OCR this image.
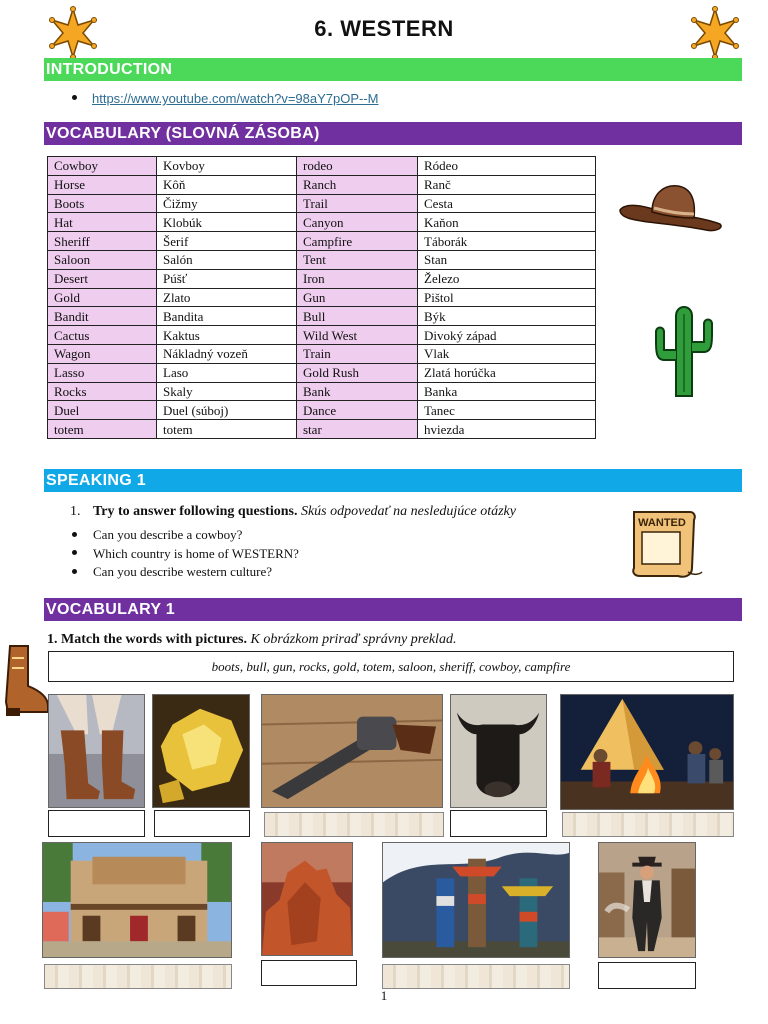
6. WESTERN
INTRODUCTION
https://www.youtube.com/watch?v=98aY7pOP--M
VOCABULARY (SLOVNÁ ZÁSOBA)
Cowboy	Kovboy	rodeo	Ródeo
Horse	Kôň	Ranch	Ranč
Boots	Čižmy	Trail	Cesta
Hat	Klobúk	Canyon	Kaňon
Sheriff	Šerif	Campfire	Táborák
Saloon	Salón	Tent	Stan
Desert	Púšť	Iron	Železo
Gold	Zlato	Gun	Pištol
Bandit	Bandita	Bull	Býk
Cactus	Kaktus	Wild West	Divoký západ
Wagon	Nákladný vozeň	Train	Vlak
Lasso	Laso	Gold Rush	Zlatá horúčka
Rocks	Skaly	Bank	Banka
Duel	Duel (súboj)	Dance	Tanec
totem	totem	star	hviezda
SPEAKING 1
1. Try to answer following questions. Skús odpovedať na nesledujúce otázky
Can you describe a cowboy?
Which country is home of WESTERN?
Can you describe western culture?
WANTED
VOCABULARY 1
1. Match the words with pictures. K obrázkom priraď správny preklad.
boots, bull, gun, rocks, gold, totem, saloon, sheriff, cowboy, campfire
1
